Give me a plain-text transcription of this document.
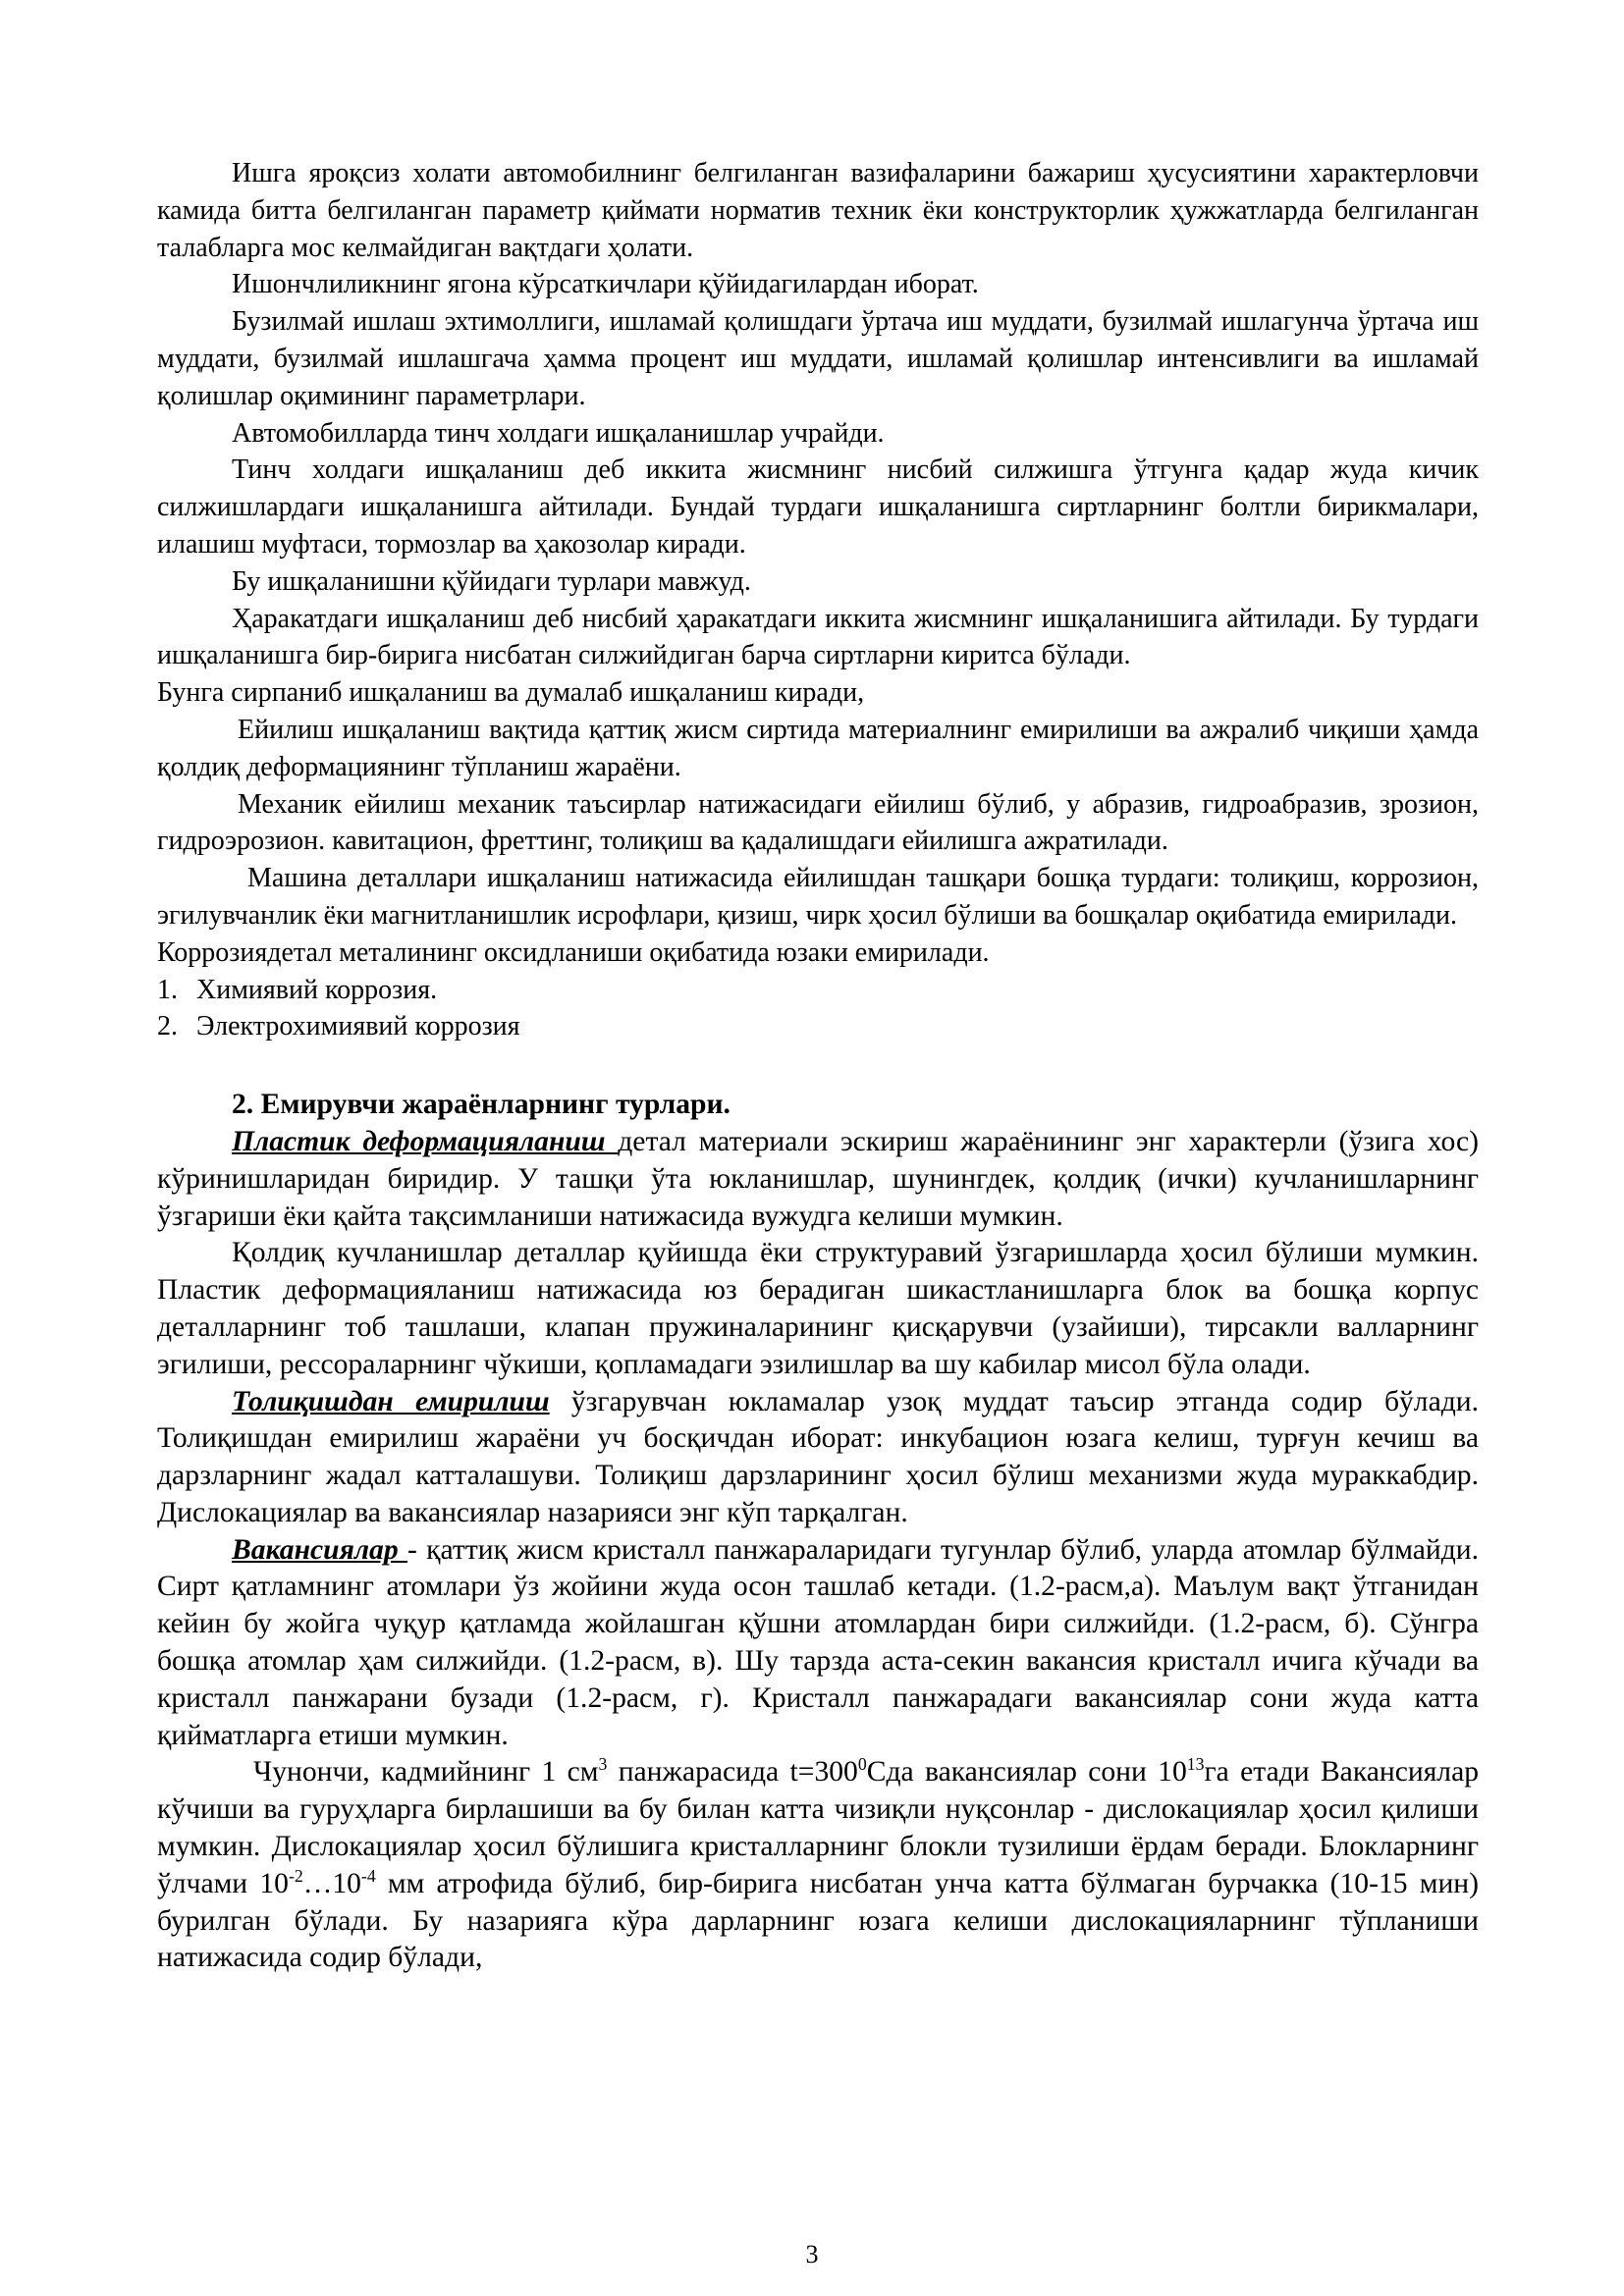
Ишга яроқсиз холати автомобилнинг белгиланган вазифаларини бажариш ҳусусиятини характерловчи камида битта белгиланган параметр қиймати норматив техник ёки конструкторлик ҳужжатларда белгиланган талабларга мос келмайдиган вақтдаги ҳолати.

Ишончлиликнинг ягона кўрсаткичлари қўйидагилардан иборат.

Бузилмай ишлаш эхтимоллиги, ишламай қолишдаги ўртача иш муддати, бузилмай ишлагунча ўртача иш муддати, бузилмай ишлашгача ҳамма процент иш муддати, ишламай қолишлар интенсивлиги ва ишламай қолишлар оқимининг параметрлари.

Автомобилларда тинч холдаги ишқаланишлар учрайди.

Тинч холдаги ишқаланиш деб иккита жисмнинг нисбий силжишга ўтгунга қадар жуда кичик силжишлардаги ишқаланишга айтилади. Бундай турдаги ишқаланишга сиртларнинг болтли бирикмалари, илашиш муфтаси, тормозлар ва ҳакозолар киради.

Бу ишқаланишни қўйидаги турлари мавжуд.

Ҳаракатдаги ишқаланиш деб нисбий ҳаракатдаги иккита жисмнинг ишқаланишига айтилади. Бу турдаги ишқаланишга бир-бирига нисбатан силжийдиган барча сиртларни киритса бўлади.

Бунга сирпаниб ишқаланиш ва думалаб ишқаланиш киради,

Ейилиш ишқаланиш вақтида қаттиқ жисм сиртида материалнинг емирилиши ва ажралиб чиқиши ҳамда қолдиқ деформациянинг тўпланиш жараёни.

Механик ейилиш механик таъсирлар натижасидаги ейилиш бўлиб, у абразив, гидроабразив, зрозион, гидроэрозион. кавитацион, фреттинг, толиқиш ва қадалишдаги ейилишга ажратилади.

Машина деталлари ишқаланиш натижасида ейилишдан ташқари бошқа турдаги: толиқиш, коррозион, эгилувчанлик ёки магнитланишлик исрофлари, қизиш, чирк ҳосил бўлиши ва бошқалар оқибатида емирилади.

Коррозиядетал металининг оксидланиши оқибатида юзаки емирилади.

1. Химиявий коррозия.
2. Электрохимиявий коррозия

2. Емирувчи жараёнларнинг турлари.

Пластик деформацияланиш детал материали эскириш жараёнининг энг характерли (ўзига хос) кўринишларидан биридир. У ташқи ўта юкланишлар, шунингдек, қолдиқ (ички) кучланишларнинг ўзгариши ёки қайта тақсимланиши натижасида вужудга келиши мумкин.

Қолдиқ кучланишлар деталлар қуйишда ёки структуравий ўзгаришларда ҳосил бўлиши мумкин. Пластик деформацияланиш натижасида юз берадиган шикастланишларга блок ва бошқа корпус деталларнинг тоб ташлаши, клапан пружиналарининг қисқарувчи (узайиши), тирсакли валларнинг эгилиши, рессораларнинг чўкиши, қопламадаги эзилишлар ва шу кабилар мисол бўла олади.

Толиқишдан емирилиш ўзгарувчан юкламалар узоқ муддат таъсир этганда содир бўлади. Толиқишдан емирилиш жараёни уч босқичдан иборат: инкубацион юзага келиш, турғун кечиш ва дарзларнинг жадал катталашуви. Толиқиш дарзларининг ҳосил бўлиш механизми жуда мураккабдир. Дислокациялар ва вакансиялар назарияси энг кўп тарқалган.

Вакансиялар - қаттиқ жисм кристалл панжараларидаги тугунлар бўлиб, уларда атомлар бўлмайди. Сирт қатламнинг атомлари ўз жойини жуда осон ташлаб кетади. (1.2-расм,а). Маълум вақт ўтганидан кейин бу жойга чуқур қатламда жойлашган қўшни атомлардан бири силжийди. (1.2-расм, б). Сўнгра бошқа атомлар ҳам силжийди. (1.2-расм, в). Шу тарзда аста-секин вакансия кристалл ичига кўчади ва кристалл панжарани бузади (1.2-расм, г). Кристалл панжарадаги вакансиялар сони жуда катта қийматларга етиши мумкин.

Чунончи, кадмийнинг 1 $см^3$ панжарасида $t=300^0Сда$ вакансиялар сони $10^{13}га$ етади Вакансиялар кўчиши ва гуруҳларга бирлашиши ва бу билан катта чизиқли нуқсонлар - дислокациялар ҳосил қилиши мумкин. Дислокациялар ҳосил бўлишига кристалларнинг блокли тузилиши ёрдам беради. Блокларнинг ўлчами $10^{-2}\dots 10^{-4}$ мм атрофида бўлиб, бир-бирига нисбатан унча катта бўлмаган бурчакка (10-15 мин) бурилган бўлади. Бу назарияга кўра дарларнинг юзага келиши дислокацияларнинг тўпланиши натижасида содир бўлади,

3
